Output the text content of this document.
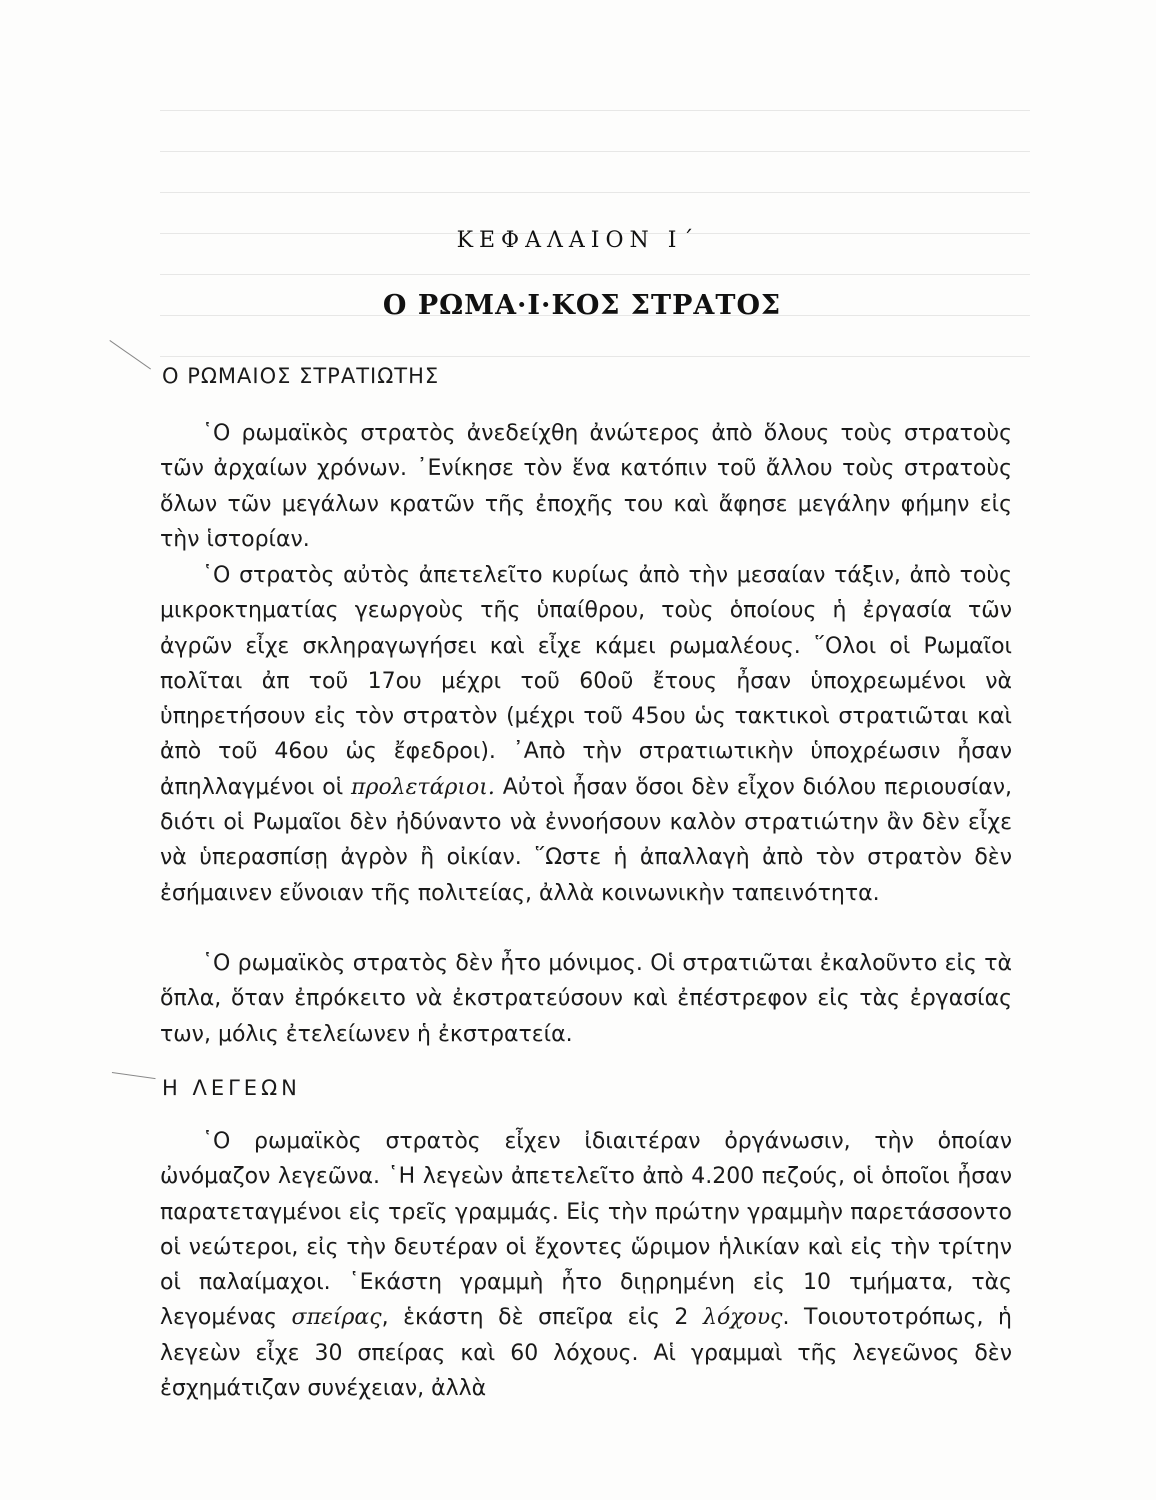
ΚΕΦΑΛΑΙΟΝ Ι΄
Ο ΡΩΜΑ·Ι·ΚΟΣ ΣΤΡΑΤΟΣ
Ο ΡΩΜΑΙΟΣ ΣΤΡΑΤΙΩΤΗΣ

῾Ο ρωμαϊκὸς στρατὸς ἀνεδείχθη ἀνώτερος ἀπὸ ὅλους τοὺς στρατοὺς τῶν ἀρχαίων χρόνων. ᾿Ενίκησε τὸν ἕνα κατόπιν τοῦ ἄλλου τοὺς στρατοὺς ὅλων τῶν μεγάλων κρατῶν τῆς ἐποχῆς του καὶ ἄφησε μεγάλην φήμην εἰς τὴν ἱστορίαν.

῾Ο στρατὸς αὐτὸς ἀπετελεῖτο κυρίως ἀπὸ τὴν μεσαίαν τάξιν, ἀπὸ τοὺς μικροκτηματίας γεωργοὺς τῆς ὑπαίθρου, τοὺς ὁποίους ἡ ἐργασία τῶν ἀγρῶν εἶχε σκληραγωγήσει καὶ εἶχε κάμει ρωμαλέους. ῞Ολοι οἱ Ρωμαῖοι πολῖται ἀπ τοῦ 17ου μέχρι τοῦ 60οῦ ἔτους ἦσαν ὑποχρεωμένοι νὰ ὑπηρετήσουν εἰς τὸν στρατὸν (μέχρι τοῦ 45ου ὡς τακτικοὶ στρατιῶται καὶ ἀπὸ τοῦ 46ου ὡς ἔφεδροι). ᾿Απὸ τὴν στρατιωτικὴν ὑποχρέωσιν ἦσαν ἀπηλλαγμένοι οἱ προλετάριοι. Αὐτοὶ ἦσαν ὅσοι δὲν εἶχον διόλου περιουσίαν, διότι οἱ Ρωμαῖοι δὲν ἠδύναντο νὰ ἐννοήσουν καλὸν στρατιώτην ἂν δὲν εἶχε νὰ ὑπερασπίσῃ ἀγρὸν ἢ οἰκίαν. ῞Ωστε ἡ ἀπαλλαγὴ ἀπὸ τὸν στρατὸν δὲν ἐσήμαινεν εὔνοιαν τῆς πολιτείας, ἀλλὰ κοινωνικὴν ταπεινότητα.

῾Ο ρωμαϊκὸς στρατὸς δὲν ἦτο μόνιμος. Οἱ στρατιῶται ἐκαλοῦντο εἰς τὰ ὅπλα, ὅταν ἐπρόκειτο νὰ ἐκστρατεύσουν καὶ ἐπέστρεφον εἰς τὰς ἐργασίας των, μόλις ἐτελείωνεν ἡ ἐκστρατεία.

Η ΛΕΓΕΩΝ

῾Ο ρωμαϊκὸς στρατὸς εἶχεν ἰδιαιτέραν ὀργάνωσιν, τὴν ὁποίαν ὠνόμαζον λεγεῶνα. ῾Η λεγεὼν ἀπετελεῖτο ἀπὸ 4.200 πεζούς, οἱ ὁποῖοι ἦσαν παρατεταγμένοι εἰς τρεῖς γραμμάς. Εἰς τὴν πρώτην γραμμὴν παρετάσσοντο οἱ νεώτεροι, εἰς τὴν δευτέραν οἱ ἔχοντες ὥριμον ἡλικίαν καὶ εἰς τὴν τρίτην οἱ παλαίμαχοι. ῾Εκάστη γραμμὴ ἦτο διῃρημένη εἰς 10 τμήματα, τὰς λεγομένας σπείρας, ἑκάστη δὲ σπεῖρα εἰς 2 λόχους. Τοιουτοτρόπως, ἡ λεγεὼν εἶχε 30 σπείρας καὶ 60 λόχους. Αἱ γραμμαὶ τῆς λεγεῶνος δὲν ἐσχημάτιζαν συνέχειαν, ἀλλὰ
